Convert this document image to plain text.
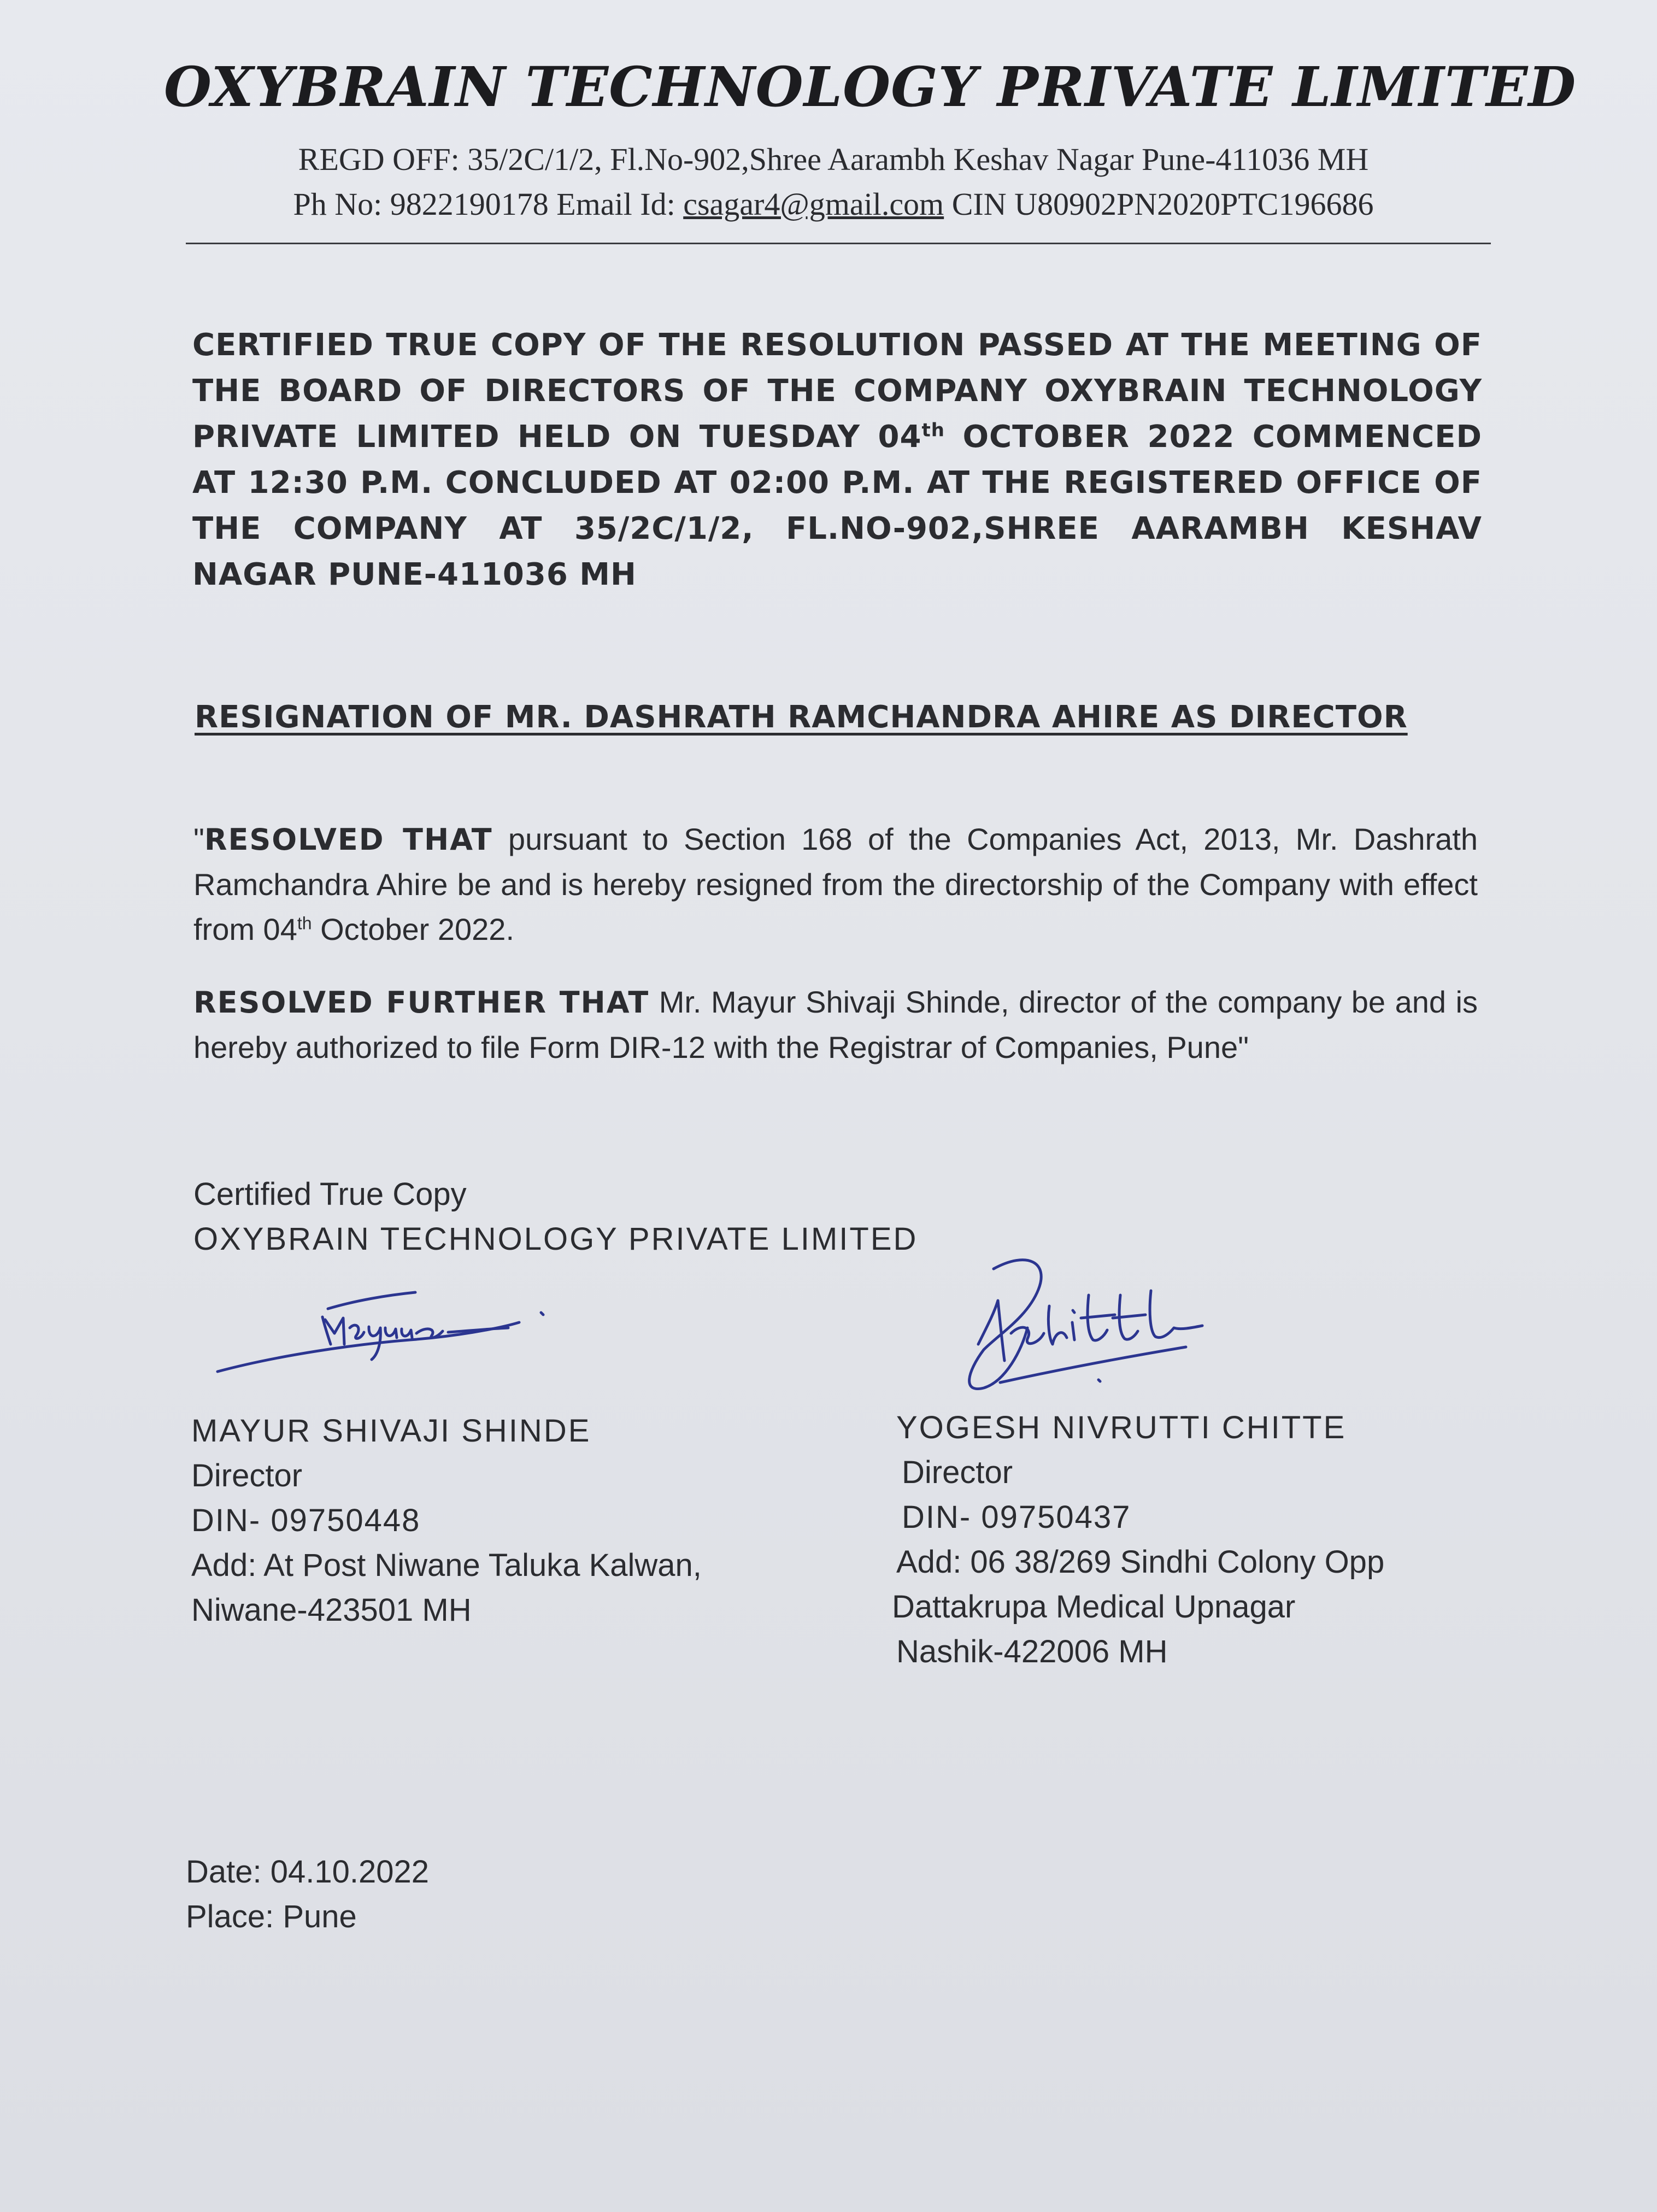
OXYBRAIN TECHNOLOGY PRIVATE LIMITED
REGD OFF: 35/2C/1/2, Fl.No-902,Shree Aarambh Keshav Nagar Pune-411036 MH
Ph No: 9822190178 Email Id: csagar4@gmail.com CIN U80902PN2020PTC196686
CERTIFIED TRUE COPY OF THE RESOLUTION PASSED AT THE MEETING OF THE BOARD OF DIRECTORS OF THE COMPANY OXYBRAIN TECHNOLOGY PRIVATE LIMITED HELD ON TUESDAY 04th OCTOBER 2022 COMMENCED AT 12:30 P.M. CONCLUDED AT 02:00 P.M. AT THE REGISTERED OFFICE OF THE COMPANY AT 35/2C/1/2, FL.NO-902,SHREE AARAMBH KESHAV NAGAR PUNE-411036 MH
RESIGNATION OF MR. DASHRATH RAMCHANDRA AHIRE AS DIRECTOR
"RESOLVED THAT pursuant to Section 168 of the Companies Act, 2013, Mr. Dashrath Ramchandra Ahire be and is hereby resigned from the directorship of the Company with effect from 04th October 2022.
RESOLVED FURTHER THAT Mr. Mayur Shivaji Shinde, director of the company be and is hereby authorized to file Form DIR-12 with the Registrar of Companies, Pune"
Certified True Copy
OXYBRAIN TECHNOLOGY PRIVATE LIMITED
MAYUR SHIVAJI SHINDE
Director
DIN- 09750448
Add: At Post Niwane Taluka Kalwan,
Niwane-423501 MH
YOGESH NIVRUTTI CHITTE
Director
DIN- 09750437
Add: 06 38/269 Sindhi Colony Opp
Dattakrupa Medical Upnagar
Nashik-422006 MH
Date: 04.10.2022
Place: Pune
